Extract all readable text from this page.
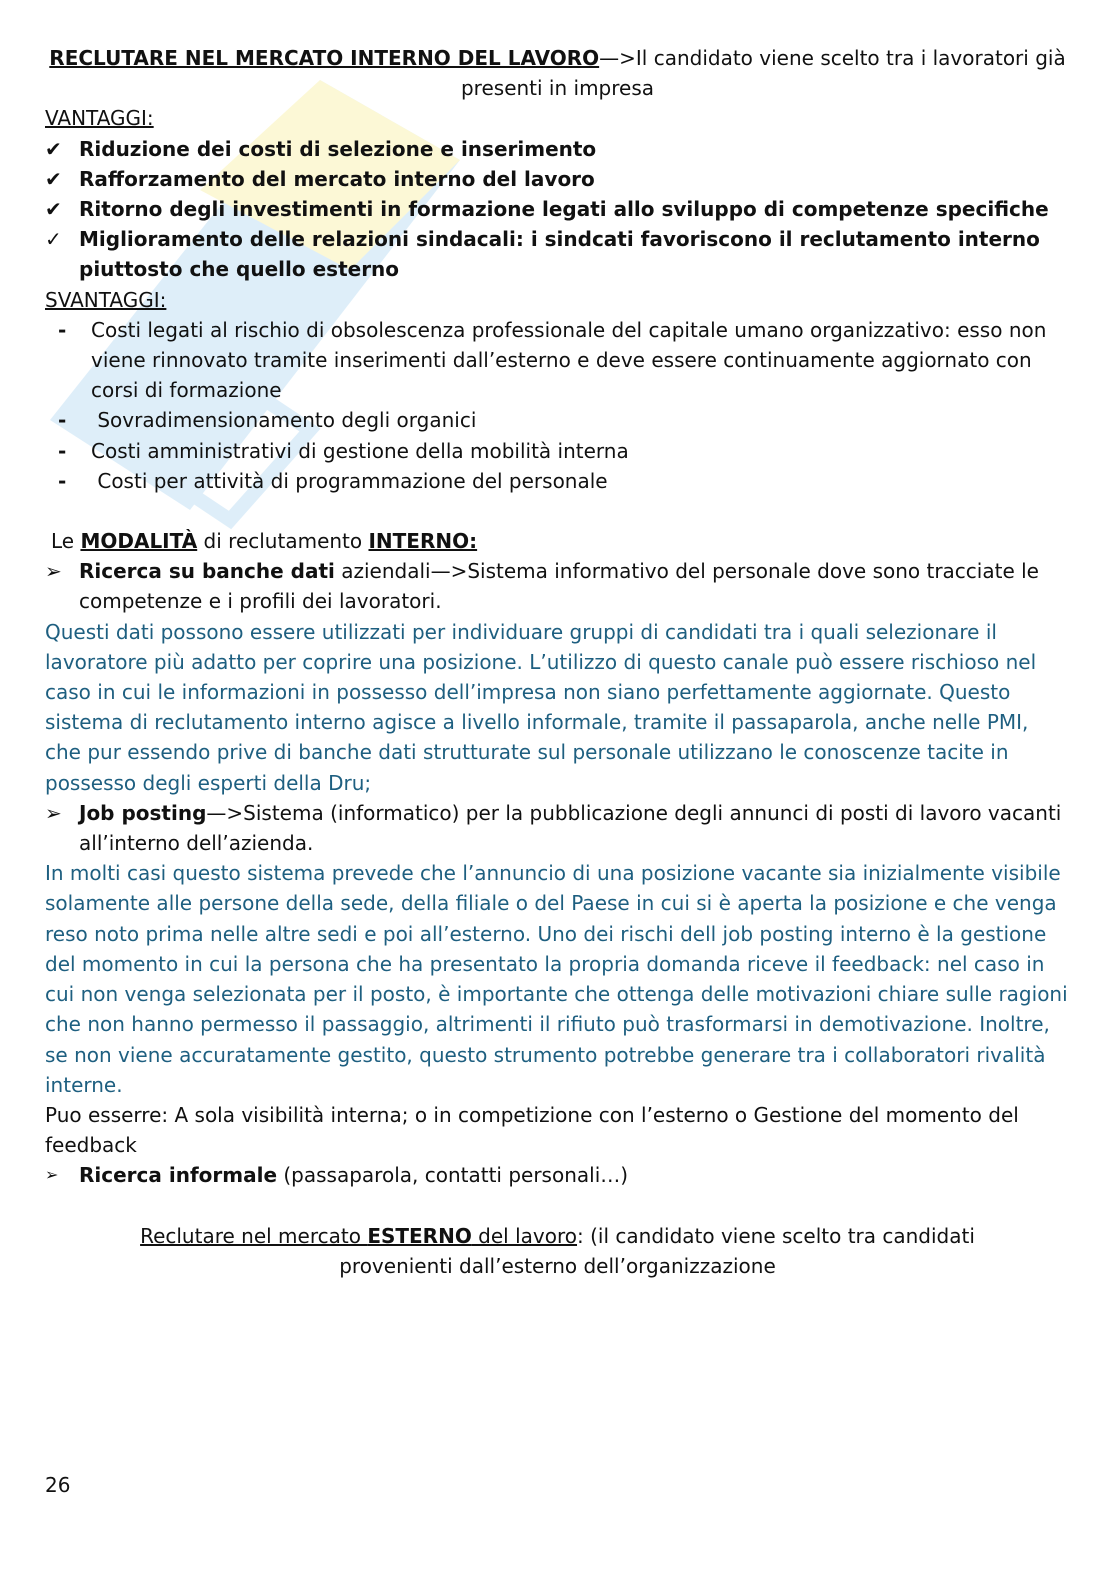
RECLUTARE NEL MERCATO INTERNO DEL LAVORO—>Il candidato viene scelto tra i lavoratori già presenti in impresa
VANTAGGI:
✔ Riduzione dei costi di selezione e inserimento
✔ Rafforzamento del mercato interno del lavoro
✔ Ritorno degli investimenti in formazione legati allo sviluppo di competenze specifiche
✓ Miglioramento delle relazioni sindacali: i sindcati favoriscono il reclutamento interno piuttosto che quello esterno
SVANTAGGI:
- Costi legati al rischio di obsolescenza professionale del capitale umano organizzativo: esso non viene rinnovato tramite inserimenti dall’esterno e deve essere continuamente aggiornato con corsi di formazione
- Sovradimensionamento degli organici
- Costi amministrativi di gestione della mobilità interna
- Costi per attività di programmazione del personale
Le MODALITÀ di reclutamento INTERNO:
➢ Ricerca su banche dati aziendali—>Sistema informativo del personale dove sono tracciate le competenze e i profili dei lavoratori.
Questi dati possono essere utilizzati per individuare gruppi di candidati tra i quali selezionare il lavoratore più adatto per coprire una posizione. L’utilizzo di questo canale può essere rischioso nel caso in cui le informazioni in possesso dell’impresa non siano perfettamente aggiornate. Questo sistema di reclutamento interno agisce a livello informale, tramite il passaparola, anche nelle PMI, che pur essendo prive di banche dati strutturate sul personale utilizzano le conoscenze tacite in possesso degli esperti della Dru;
➢ Job posting—>Sistema (informatico) per la pubblicazione degli annunci di posti di lavoro vacanti all’interno dell’azienda.
In molti casi questo sistema prevede che l’annuncio di una posizione vacante sia inizialmente visibile solamente alle persone della sede, della filiale o del Paese in cui si è aperta la posizione e che venga reso noto prima nelle altre sedi e poi all’esterno. Uno dei rischi dell job posting interno è la gestione del momento in cui la persona che ha presentato la propria domanda riceve il feedback: nel caso in cui non venga selezionata per il posto, è importante che ottenga delle motivazioni chiare sulle ragioni che non hanno permesso il passaggio, altrimenti il rifiuto può trasformarsi in demotivazione. Inoltre, se non viene accuratamente gestito, questo strumento potrebbe generare tra i collaboratori rivalità interne.
Puo esserre: A sola visibilità interna; o in competizione con l’esterno o Gestione del momento del feedback
➢	Ricerca informale (passaparola, contatti personali…)
Reclutare nel mercato ESTERNO del lavoro: (il candidato viene scelto tra candidati provenienti dall’esterno dell’organizzazione
26
